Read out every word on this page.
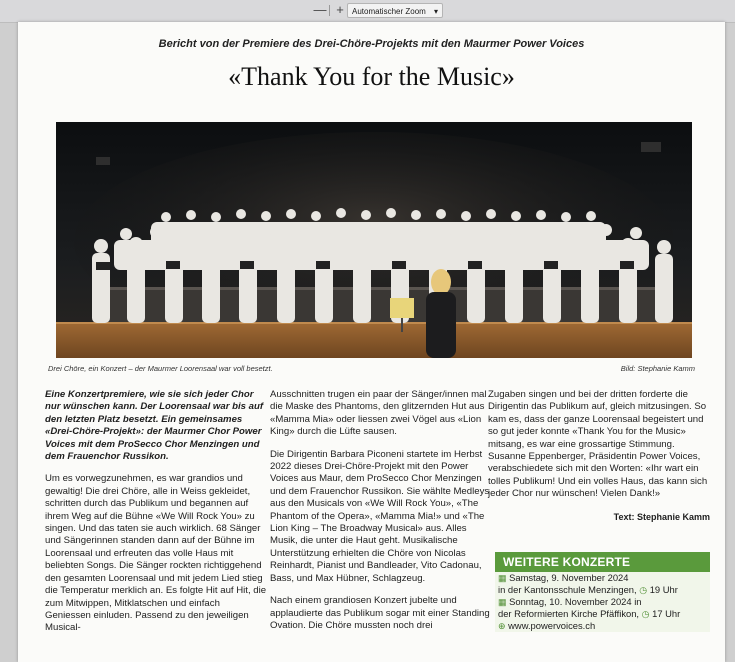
— +	Automatischer Zoom ▾
Bericht von der Premiere des Drei-Chöre-Projekts mit den Maurmer Power Voices
«Thank You for the Music»
Drei Chöre, ein Konzert – der Maurmer Loorensaal war voll besetzt.	Bild: Stephanie Kamm

Eine Konzertpremiere, wie sie sich jeder Chor nur wünschen kann. Der Loorensaal war bis auf den letzten Platz besetzt. Ein gemeinsames «Drei-Chöre-Projekt»: der Maurmer Chor Power Voices mit dem ProSecco Chor Menzingen und dem Frauenchor Russikon.

Um es vorwegzunehmen, es war grandios und gewaltig! Die drei Chöre, alle in Weiss gekleidet, schritten durch das Publikum und begannen auf ihrem Weg auf die Bühne «We Will Rock You» zu singen. Und das taten sie auch wirklich. 68 Sänger und Sängerinnen standen dann auf der Bühne im Loorensaal und erfreuten das volle Haus mit beliebten Songs. Die Sänger rockten richtiggehend den gesamten Loorensaal und mit jedem Lied stieg die Temperatur merklich an. Es folgte Hit auf Hit, die zum Mitwippen, Mitklatschen und einfach Geniessen einluden. Passend zu den jeweiligen Musical-

Ausschnitten trugen ein paar der Sänger/innen mal die Maske des Phantoms, den glitzernden Hut aus «Mamma Mia» oder liessen zwei Vögel aus «Lion King» durch die Lüfte sausen.

Die Dirigentin Barbara Piconeni startete im Herbst 2022 dieses Drei-Chöre-Projekt mit den Power Voices aus Maur, dem ProSecco Chor Menzingen und dem Frauenchor Russikon. Sie wählte Medleys aus den Musicals von «We Will Rock You», «The Phantom of the Opera», «Mamma Mia!» und «The Lion King – The Broadway Musical» aus. Alles Musik, die unter die Haut geht. Musikalische Unterstützung erhielten die Chöre von Nicolas Reinhardt, Pianist und Bandleader, Vito Cadonau, Bass, und Max Hübner, Schlagzeug.

Nach einem grandiosen Konzert jubelte und applaudierte das Publikum sogar mit einer Standing Ovation. Die Chöre mussten noch drei

Zugaben singen und bei der dritten forderte die Dirigentin das Publikum auf, gleich mitzusingen. So kam es, dass der ganze Loorensaal begeistert und so gut jeder konnte «Thank You for the Music» mitsang, es war eine grossartige Stimmung. Susanne Eppenberger, Präsidentin Power Voices, verabschiedete sich mit den Worten: «Ihr wart ein tolles Publikum! Und ein volles Haus, das kann sich jeder Chor nur wünschen! Vielen Dank!»

Text: Stephanie Kamm
WEITERE KONZERTE
▦ Samstag, 9. November 2024
in der Kantonsschule Menzingen, ◷ 19 Uhr
▦ Sonntag, 10. November 2024 in
der Reformierten Kirche Pfäffikon, ◷ 17 Uhr
⊕ www.powervoices.ch
